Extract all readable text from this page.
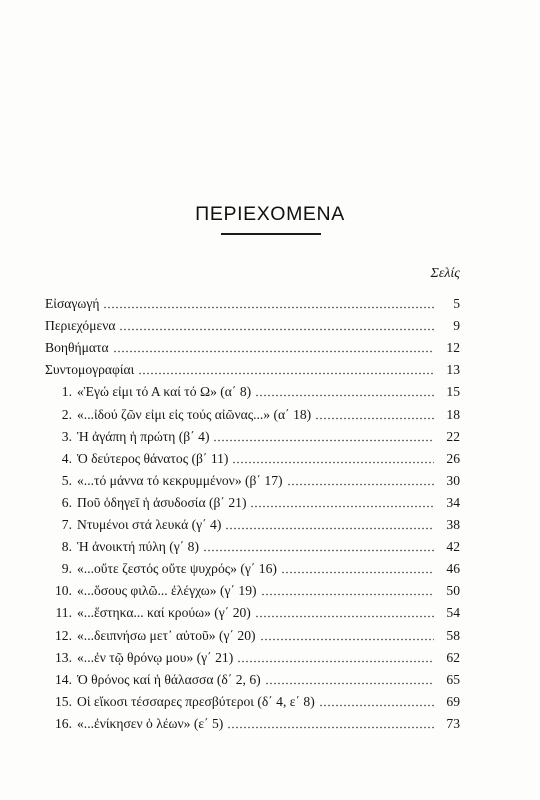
ΠΕΡΙΕΧΟΜΕΝΑ
Σελίς
Εἰσαγωγή	5
Περιεχόμενα	9
Βοηθήματα	12
Συντομογραφίαι	13
1. «Ἐγώ εἰμι τό Α καί τό Ω» (α΄ 8)	15
2. «...ἰδού ζῶν εἰμι εἰς τούς αἰῶνας...» (α΄ 18)	18
3. Ἡ ἀγάπη ἡ πρώτη (β΄ 4)	22
4. Ὁ δεύτερος θάνατος (β΄ 11)	26
5. «...τό μάννα τό κεκρυμμένον» (β΄ 17)	30
6. Ποῦ ὁδηγεῖ ἡ ἀσυδοσία (β΄ 21)	34
7. Ντυμένοι στά λευκά (γ΄ 4)	38
8. Ἡ ἀνοικτή πύλη (γ΄ 8)	42
9. «...οὔτε ζεστός οὔτε ψυχρός» (γ΄ 16)	46
10. «...ὅσους φιλῶ... ἐλέγχω» (γ΄ 19)	50
11. «...ἕστηκα... καί κρούω» (γ΄ 20)	54
12. «...δειπνήσω μετ᾿ αὐτοῦ» (γ΄ 20)	58
13. «...ἐν τῷ θρόνῳ μου» (γ΄ 21)	62
14. Ὁ θρόνος καί ἡ θάλασσα (δ΄ 2, 6)	65
15. Οἱ εἴκοσι τέσσαρες πρεσβύτεροι (δ΄ 4, ε΄ 8)	69
16. «...ἐνίκησεν ὁ λέων» (ε΄ 5)	73
